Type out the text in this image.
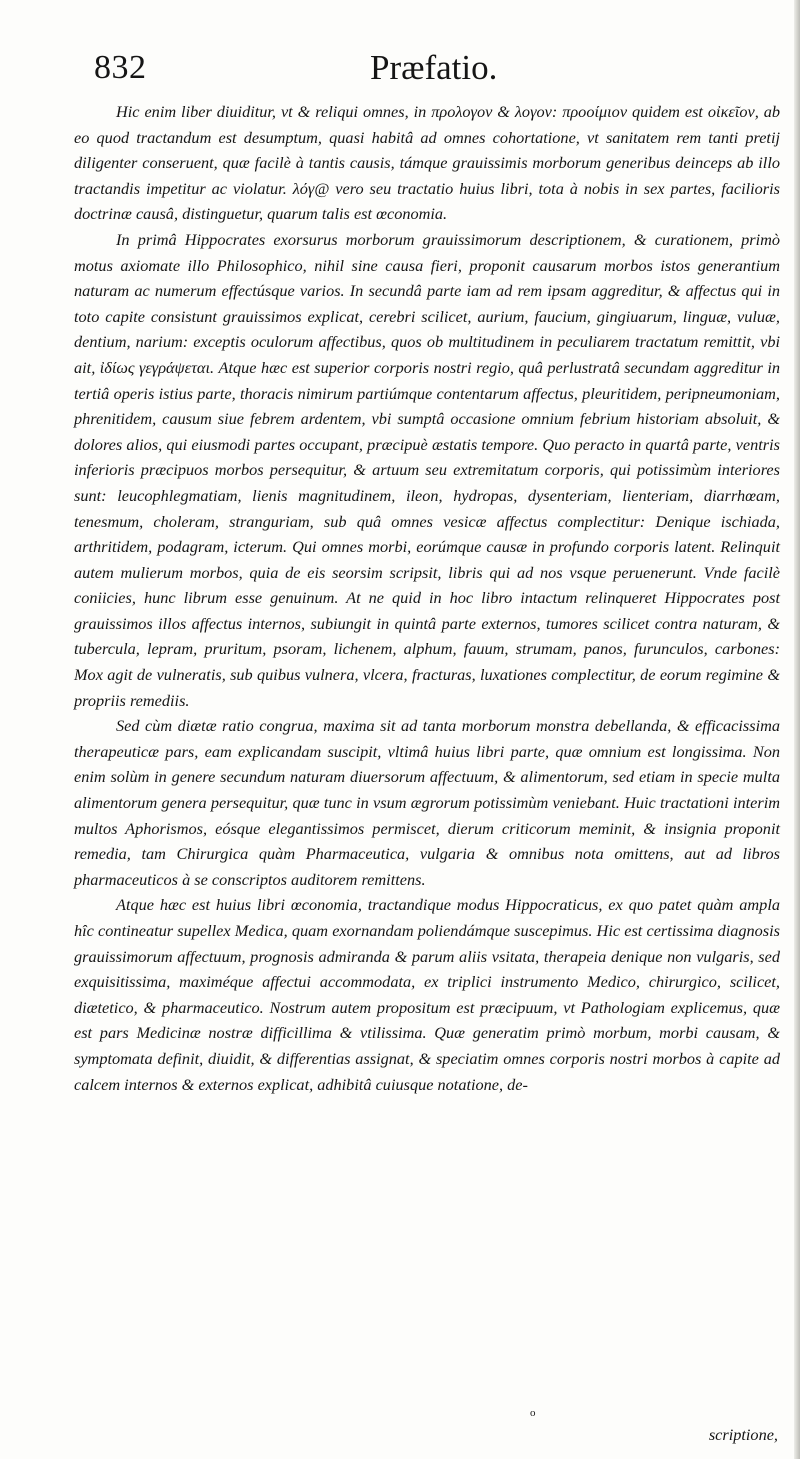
832	Præfatio.

Hic enim liber diuiditur, vt & reliqui omnes, in προλογον & λογον: προοίμιον quidem est οἰκεῖον, ab eo quod tractandum est desumptum, quasi habitâ ad omnes cohortatione, vt sanitatem rem tanti pretij diligenter conseruent, quæ facilè à tantis causis, támque grauissimis morborum generibus deinceps ab illo tractandis impetitur ac violatur. λόγ@ vero seu tractatio huius libri, tota à nobis in sex partes, facilioris doctrinæ causâ, distinguetur, quarum talis est œconomia.

In primâ Hippocrates exorsurus morborum grauissimorum descriptionem, & curationem, primò motus axiomate illo Philosophico, nihil sine causa fieri, proponit causarum morbos istos generantium naturam ac numerum effectúsque varios. In secundâ parte iam ad rem ipsam aggreditur, & affectus qui in toto capite consistunt grauissimos explicat, cerebri scilicet, aurium, faucium, gingiuarum, linguæ, vuluæ, dentium, narium: exceptis oculorum affectibus, quos ob multitudinem in peculiarem tractatum remittit, vbi ait, ἰδίως γεγράψεται. Atque hæc est superior corporis nostri regio, quâ perlustratâ secundam aggreditur in tertiâ operis istius parte, thoracis nimirum partiúmque contentarum affectus, pleuritidem, peripneumoniam, phrenitidem, causum siue febrem ardentem, vbi sumptâ occasione omnium febrium historiam absoluit, & dolores alios, qui eiusmodi partes occupant, præcipuè æstatis tempore. Quo peracto in quartâ parte, ventris inferioris præcipuos morbos persequitur, & artuum seu extremitatum corporis, qui potissimùm interiores sunt: leucophlegmatiam, lienis magnitudinem, ileon, hydropas, dysenteriam, lienteriam, diarrhœam, tenesmum, choleram, stranguriam, sub quâ omnes vesicæ affectus complectitur: Denique ischiada, arthritidem, podagram, icterum. Qui omnes morbi, eorúmque causæ in profundo corporis latent. Relinquit autem mulierum morbos, quia de eis seorsim scripsit, libris qui ad nos vsque peruenerunt. Vnde facilè coniicies, hunc librum esse genuinum. At ne quid in hoc libro intactum relinqueret Hippocrates post grauissimos illos affectus internos, subiungit in quintâ parte externos, tumores scilicet contra naturam, & tubercula, lepram, pruritum, psoram, lichenem, alphum, fauum, strumam, panos, furunculos, carbones: Mox agit de vulneratis, sub quibus vulnera, vlcera, fracturas, luxationes complectitur, de eorum regimine & propriis remediis.

Sed cùm diætæ ratio congrua, maxima sit ad tanta morborum monstra debellanda, & efficacissima therapeuticæ pars, eam explicandam suscipit, vltimâ huius libri parte, quæ omnium est longissima. Non enim solùm in genere secundum naturam diuersorum affectuum, & alimentorum, sed etiam in specie multa alimentorum genera persequitur, quæ tunc in vsum ægrorum potissimùm veniebant. Huic tractationi interim multos Aphorismos, eósque elegantissimos permiscet, dierum criticorum meminit, & insignia proponit remedia, tam Chirurgica quàm Pharmaceutica, vulgaria & omnibus nota omittens, aut ad libros pharmaceuticos à se conscriptos auditorem remittens.

Atque hæc est huius libri œconomia, tractandique modus Hippocraticus, ex quo patet quàm ampla hîc contineatur supellex Medica, quam exornandam poliendámque suscepimus. Hic est certissima diagnosis grauissimorum affectuum, prognosis admiranda & parum aliis vsitata, therapeia denique non vulgaris, sed exquisitissima, maximéque affectui accommodata, ex triplici instrumento Medico, chirurgico, scilicet, diætetico, & pharmaceutico. Nostrum autem propositum est præcipuum, vt Pathologiam explicemus, quæ est pars Medicinæ nostræ difficillima & vtilissima. Quæ generatim primò morbum, morbi causam, & symptomata definit, diuidit, & differentias assignat, & speciatim omnes corporis nostri morbos à capite ad calcem internos & externos explicat, adhibitâ cuiusque notatione, de-

o
scriptione,
